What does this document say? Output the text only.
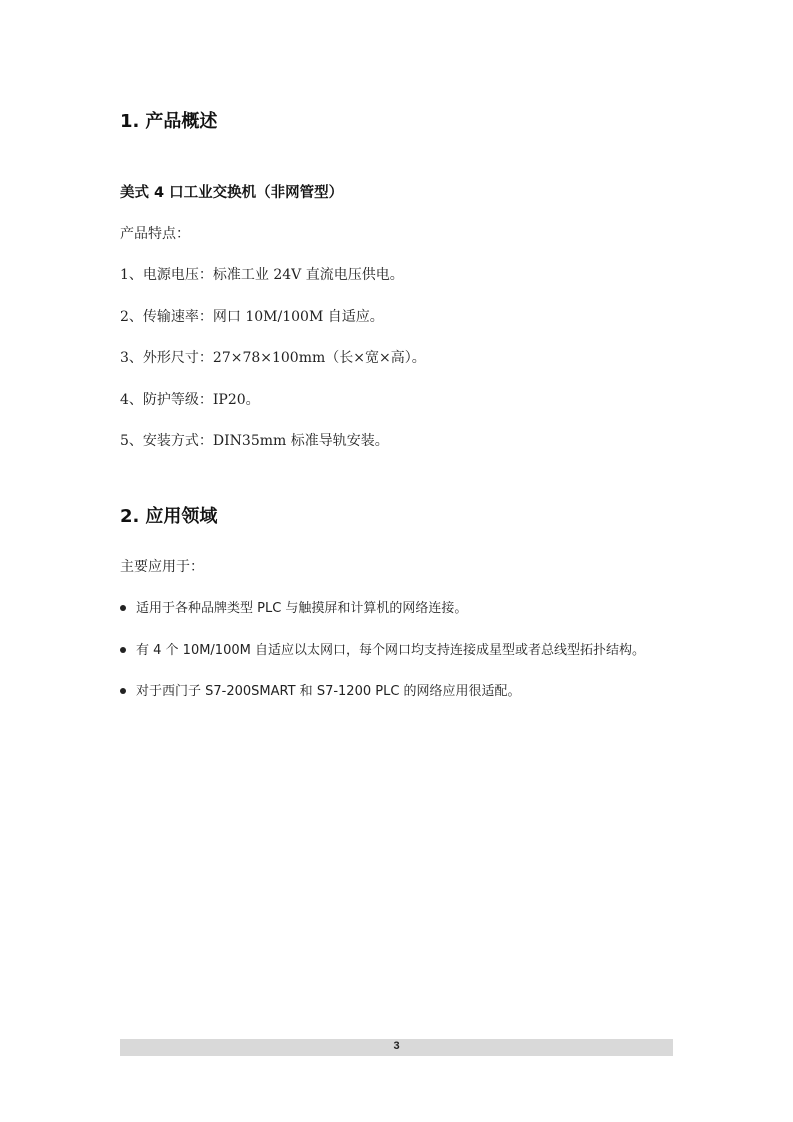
1. 产品概述
美式 4 口工业交换机（非网管型）
产品特点：
1、电源电压：标准工业 24V 直流电压供电。
2、传输速率：网口 10M/100M 自适应。
3、外形尺寸：27×78×100mm（长×宽×高）。
4、防护等级：IP20。
5、安装方式：DIN35mm 标准导轨安装。
2. 应用领域
主要应用于：
适用于各种品牌类型 PLC 与触摸屏和计算机的网络连接。
有 4 个 10M/100M 自适应以太网口，每个网口均支持连接成星型或者总线型拓扑结构。
对于西门子 S7-200SMART 和 S7-1200 PLC 的网络应用很适配。
3
